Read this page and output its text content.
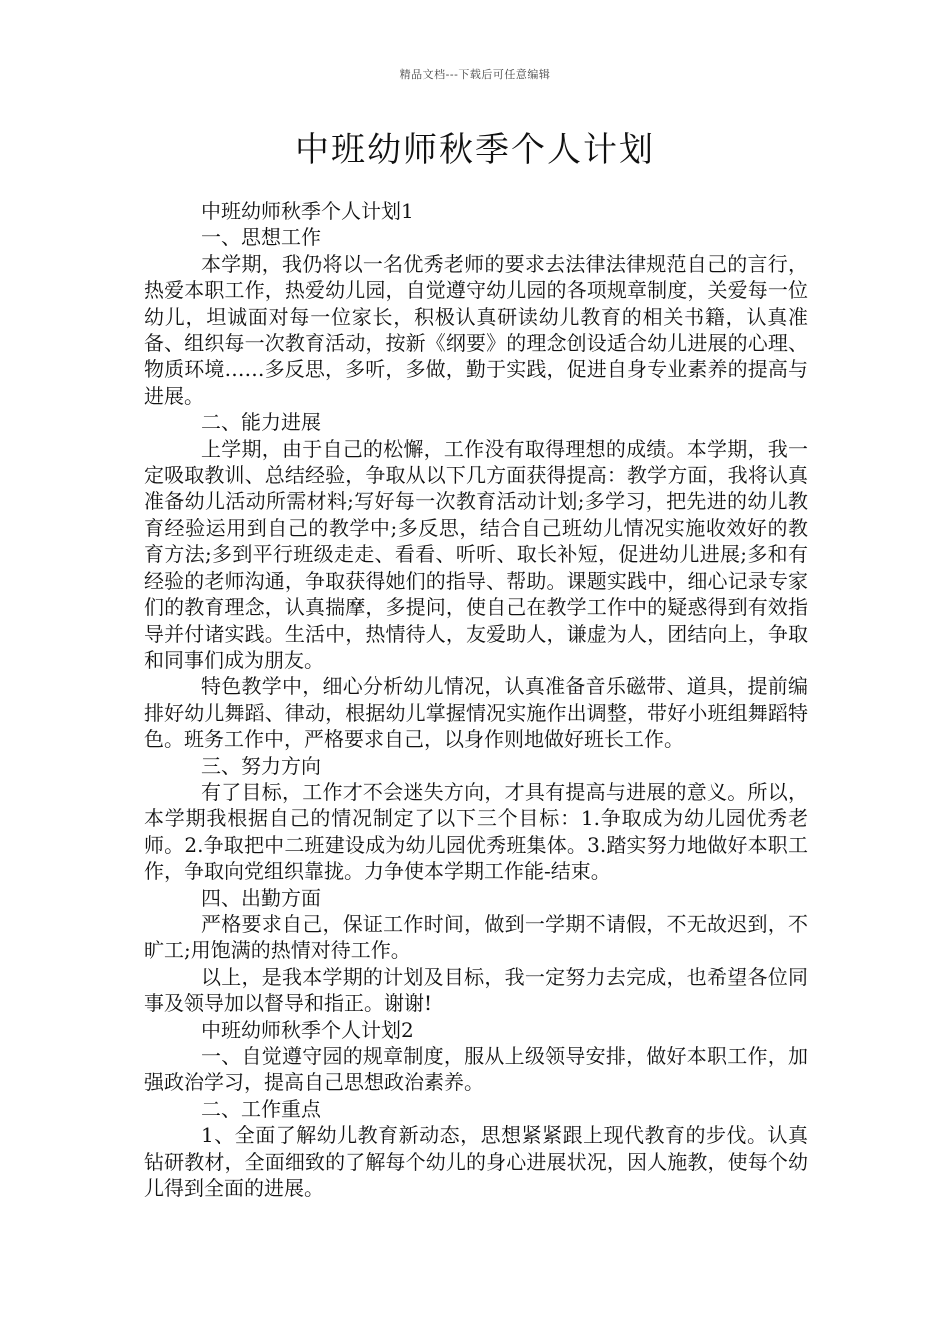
精品文档---下载后可任意编辑
中班幼师秋季个人计划

中班幼师秋季个人计划1

一、思想工作

本学期，我仍将以一名优秀老师的要求去法律法律规范自己的言行，热爱本职工作，热爱幼儿园，自觉遵守幼儿园的各项规章制度，关爱每一位幼儿，坦诚面对每一位家长，积极认真研读幼儿教育的相关书籍，认真准备、组织每一次教育活动，按新《纲要》的理念创设适合幼儿进展的心理、物质环境……多反思，多听，多做，勤于实践，促进自身专业素养的提高与进展。

二、能力进展

上学期，由于自己的松懈，工作没有取得理想的成绩。本学期，我一定吸取教训、总结经验，争取从以下几方面获得提高：教学方面，我将认真准备幼儿活动所需材料;写好每一次教育活动计划;多学习，把先进的幼儿教育经验运用到自己的教学中;多反思，结合自己班幼儿情况实施收效好的教育方法;多到平行班级走走、看看、听听、取长补短，促进幼儿进展;多和有经验的老师沟通，争取获得她们的指导、帮助。课题实践中，细心记录专家们的教育理念，认真揣摩，多提问，使自己在教学工作中的疑惑得到有效指导并付诸实践。生活中，热情待人，友爱助人，谦虚为人，团结向上，争取和同事们成为朋友。

特色教学中，细心分析幼儿情况，认真准备音乐磁带、道具，提前编排好幼儿舞蹈、律动，根据幼儿掌握情况实施作出调整，带好小班组舞蹈特色。班务工作中，严格要求自己，以身作则地做好班长工作。

三、努力方向

有了目标，工作才不会迷失方向，才具有提高与进展的意义。所以，本学期我根据自己的情况制定了以下三个目标：1.争取成为幼儿园优秀老师。2.争取把中二班建设成为幼儿园优秀班集体。3.踏实努力地做好本职工作，争取向党组织靠拢。力争使本学期工作能-结束。

四、出勤方面

严格要求自己，保证工作时间，做到一学期不请假，不无故迟到，不旷工;用饱满的热情对待工作。

以上，是我本学期的计划及目标，我一定努力去完成，也希望各位同事及领导加以督导和指正。谢谢!

中班幼师秋季个人计划2

一、自觉遵守园的规章制度，服从上级领导安排，做好本职工作，加强政治学习，提高自己思想政治素养。

二、工作重点

1、全面了解幼儿教育新动态，思想紧紧跟上现代教育的步伐。认真钻研教材，全面细致的了解每个幼儿的身心进展状况，因人施教，使每个幼儿得到全面的进展。
